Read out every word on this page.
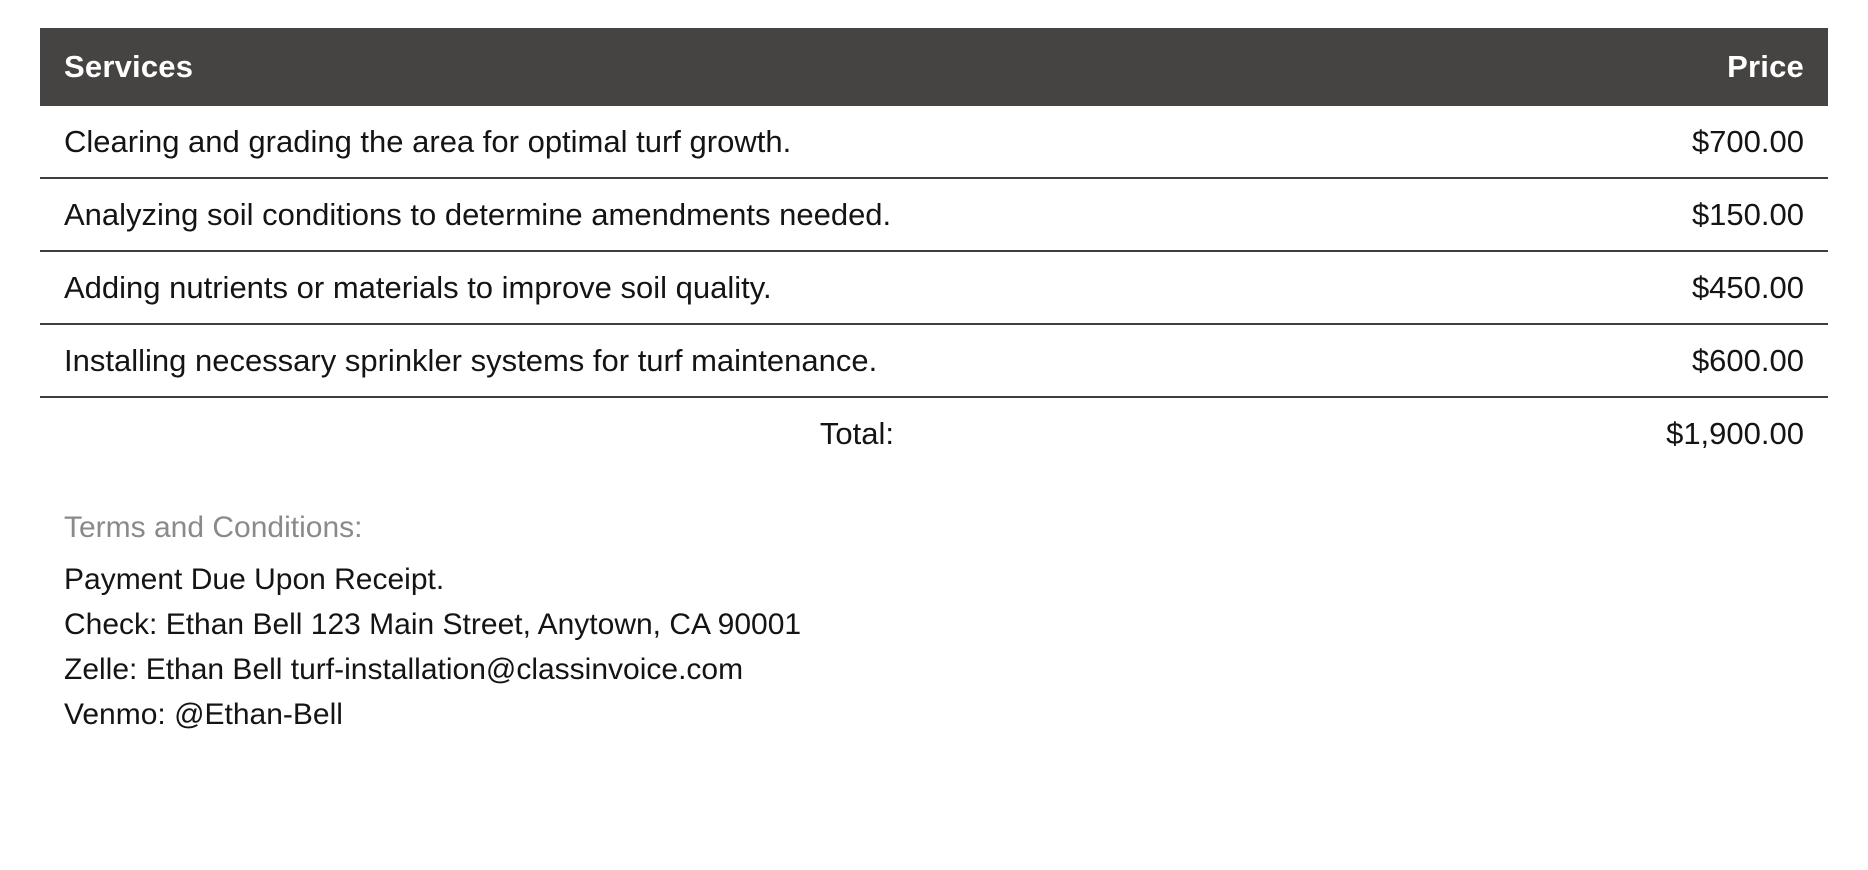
Services	Price
Clearing and grading the area for optimal turf growth.	$700.00
Analyzing soil conditions to determine amendments needed.	$150.00
Adding nutrients or materials to improve soil quality.	$450.00
Installing necessary sprinkler systems for turf maintenance.	$600.00
Total:	$1,900.00
Terms and Conditions:
Payment Due Upon Receipt.
Check: Ethan Bell 123 Main Street, Anytown, CA 90001
Zelle: Ethan Bell turf-installation@classinvoice.com
Venmo: @Ethan-Bell
